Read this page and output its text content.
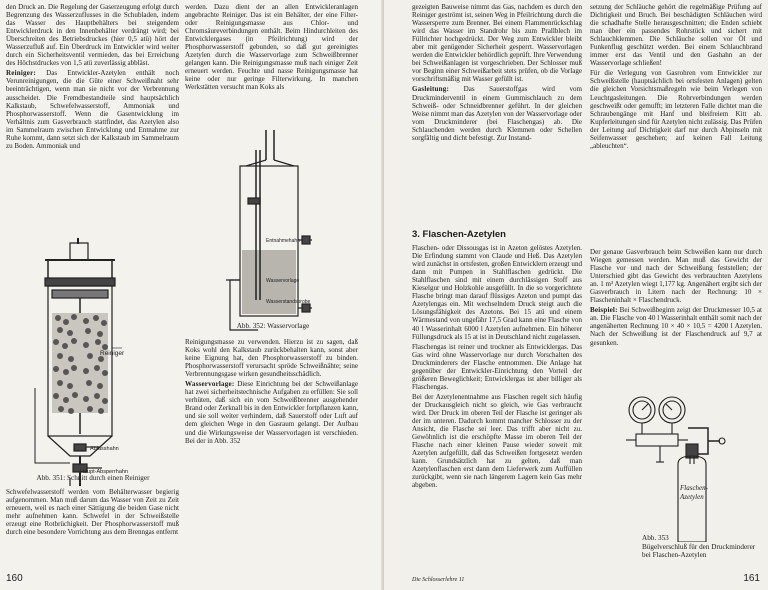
den Druck an. Die Regelung der Gaserzeugung erfolgt durch Begrenzung des Wasserzuflusses in die Schubladen, indem das Wasser des Hauptbehälters bei steigendem Entwicklerdruck in den Innenbehälter verdrängt wird; bei Überschreiten des Betriebsdruckes (hier 0,5 atü) hört der Wasserzufluß auf. Ein Überdruck im Entwickler wird weiter durch ein Sicherheitsventil vermieden, das bei Erreichung des Höchstdruckes von 1,5 atü zuverlässig abbläst.

Reiniger: Das Entwickler-Azetylen enthält noch Verunreinigungen, die die Güte einer Schweißnaht sehr beeinträchtigen, wenn man sie nicht vor der Verbrennung ausscheidet. Die Fremdbestandteile sind hauptsächlich Kalkstaub, Schwefelwasserstoff, Ammoniak und Phosphorwasserstoff. Wenn die Gasentwicklung im Verhältnis zum Gasverbrauch stattfindet, das Azetylen also im Sammelraum zwischen Entwicklung und Entnahme zur Ruhe kommt, dann setzt sich der Kalkstaub im Sammelraum zu Boden. Ammoniak und

werden. Dazu dient der an allen Entwickleranlagen angebrachte Reiniger. Das ist ein Behälter, der eine Filter- oder Reinigungsmasse aus Chlor- und Chromsäureverbindungen enthält. Beim Hindurchleiten des Entwicklergases (in Pfeilrichtung) wird der Phosphorwasserstoff gebunden, so daß gut gereinigtes Azetylen durch die Wasservorlage zum Schweißbrenner gelangen kann. Die Reinigungsmasse muß nach einiger Zeit erneuert werden. Feuchte und nasse Reinigungsmasse hat keine oder nur geringe Filterwirkung. In manchen Werkstätten versucht man Koks als

Reiniger
Ablasshahn
Haupt-Absperrhahn
Abb. 351: Schnitt durch einen Reiniger
Entnahmehahn
Wasservorlage
Wasserstandsprobe
Abb. 352: Wasservorlage

Reinigungsmasse zu verwenden. Hierzu ist zu sagen, daß Koks wohl den Kalkstaub zurückbehalten kann, sonst aber keine Eignung hat, den Phosphorwasserstoff zu binden. Phosphorwasserstoff verursacht spröde Schweißnähte; seine Verbrennungsgase wirken gesundheitsschädlich.

Wasservorlage: Diese Einrichtung bei der Schweißanlage hat zwei sicherheitstechnische Aufgaben zu erfüllen: Sie soll verhüten, daß sich ein vom Schweißbrenner ausgehender Brand oder Zerknall bis in den Entwickler fortpflanzen kann, und sie soll weiter verhindern, daß Sauerstoff oder Luft auf dem gleichen Wege in den Gasraum gelangt. Der Aufbau und die Wirkungsweise der Wasservorlagen ist verschieden. Bei der in Abb. 352

Schwefelwasserstoff werden vom Behälterwasser begierig aufgenommen. Man muß darum das Wasser von Zeit zu Zeit erneuern, weil es nach einer Sättigung die beiden Gase nicht mehr aufnehmen kann. Schwefel in der Schweißstelle erzeugt eine Rotbrüchigkeit. Der Phosphorwasserstoff muß durch eine besondere Vorrichtung aus dem Brenngas entfernt

160

gezeigten Bauweise nimmt das Gas, nachdem es durch den Reiniger geströmt ist, seinen Weg in Pfeilrichtung durch die Wassersperre zum Brenner. Bei einem Flammenrückschlag wird das Wasser im Standrohr bis zum Prallblech im Füllrichter hochgedrückt. Der Weg zum Entwickler bleibt aber mit genügender Sicherheit gesperrt. Wasservorlagen werden die Entwickler behördlich geprüft. Ihre Verwendung bei Schweißanlagen ist vorgeschrieben. Der Schlosser muß vor Beginn einer Schweißarbeit stets prüfen, ob die Vorlage vorschriftsmäßig mit Wasser gefüllt ist.

Gasleitung: Das Sauerstoffgas wird vom Druckminderventil in einem Gummischlauch zu dem Schweiß- oder Schneidbrenner geführt. In der gleichen Weise nimmt man das Azetylen von der Wasservorlage oder vom Druckminderer (bei Flaschengas) ab. Die Schlauchenden werden durch Klemmen oder Schellen sorgfältig und dicht befestigt. Zur Instand-

setzung der Schläuche gehört die regelmäßige Prüfung auf Dichtigkeit und Bruch. Bei beschädigten Schläuchen wird die schadhafte Stelle herausgeschnitten; die Enden schiebt man über ein passendes Rohrstück und sichert mit Schlauchklemmen. Die Schläuche sollen vor Öl und Funkenflug geschützt werden. Bei einem Schlauchbrand immer erst das Ventil und den Gashahn an der Wasservorlage schließen!

Für die Verlegung von Gasrohren vom Entwickler zur Schweißstelle (hauptsächlich bei ortsfesten Anlagen) gelten die gleichen Vorsichtsmaßregeln wie beim Verlegen von Leuchtgasleitungen. Die Rohrverbindungen werden geschweißt oder gemufft; im letzteren Falle dichtet man die Schraubengänge mit Hanf und bleifreiem Kitt ab. Kupferleitungen sind für Azetylen nicht zulässig. Das Prüfen der Leitung auf Dichtigkeit darf nur durch Abpinseln mit Seifenwasser geschehen; auf keinen Fall Leitung „ableuchten“.

3. Flaschen-Azetylen

Flaschen- oder Dissousgas ist in Azeton gelöstes Azetylen. Die Erfindung stammt von Claude und Heß. Das Azetylen wird zunächst in ortsfesten, großen Entwicklern erzeugt und dann mit Pumpen in Stahlflaschen gedrückt. Die Stahlflaschen sind mit einem durchlässigen Stoff aus Kieselgur und Holzkohle ausgefüllt. In die so vorgerichtete Flasche bringt man darauf flüssiges Azeton und pumpt das Azetylengas ein. Mit wechselndem Druck steigt auch die Lösungsfähigkeit des Azetons. Bei 15 atü und einem Wärmestand von ungefähr 17,5 Grad kann eine Flasche von 40 l Wasserinhalt 6000 l Azetylen aufnehmen. Ein höherer Füllungsdruck als 15 at ist in Deutschland nicht zugelassen.

Flaschengas ist reiner und trockner als Entwicklergas. Das Gas wird ohne Wasservorlage nur durch Vorschalten des Druckminderers der Flasche entnommen. Die Anlage hat gegenüber der Entwickler-Einrichtung den Vorteil der größeren Beweglichkeit; Entwicklergas ist aber billiger als Flaschengas.

Bei der Azetylenentnahme aus Flaschen regelt sich häufig der Druckausgleich nicht so gleich, wie Gas verbraucht wird. Der Druck im oberen Teil der Flasche ist geringer als der im unteren. Dadurch kommt mancher Schlosser zu der Ansicht, die Flasche sei leer. Das trifft aber nicht zu. Gewöhnlich ist die erschöpfte Masse im oberen Teil der Flasche nach einer kleinen Pause wieder soweit mit Azetylen aufgefüllt, daß das Schweißen fortgesetzt werden kann. Grundsätzlich hat zu gelten, daß man Azetylenflaschen erst dann dem Lieferwerk zum Auffüllen zurückgibt, wenn sie nach längerem Lagern kein Gas mehr abgeben.

Der genaue Gasverbrauch beim Schweißen kann nur durch Wiegen gemessen werden. Man muß das Gewicht der Flasche vor und nach der Schweißung feststellen; der Unterschied gibt das Gewicht des verbrauchten Azetylens an. 1 m³ Azetylen wiegt 1,177 kg. Angenähert ergibt sich der Gasverbrauch in Litern nach der Rechnung: 10 × Flascheninhalt × Flaschendruck.

Beispiel: Bei Schweißbeginn zeigt der Druckmesser 10,5 at an. Die Flasche von 40 l Wasserinhalt enthält somit nach der angenäherten Rechnung 10 × 40 × 10,5 = 4200 l Azetylen. Nach der Schweißung ist der Flaschendruck auf 9,7 at gesunken.

Flaschen-
Azetylen
Abb. 353
Bügelverschluß für den Druckminderer bei Flaschen-Azetylen
Die Schlosserlehre 11	161
